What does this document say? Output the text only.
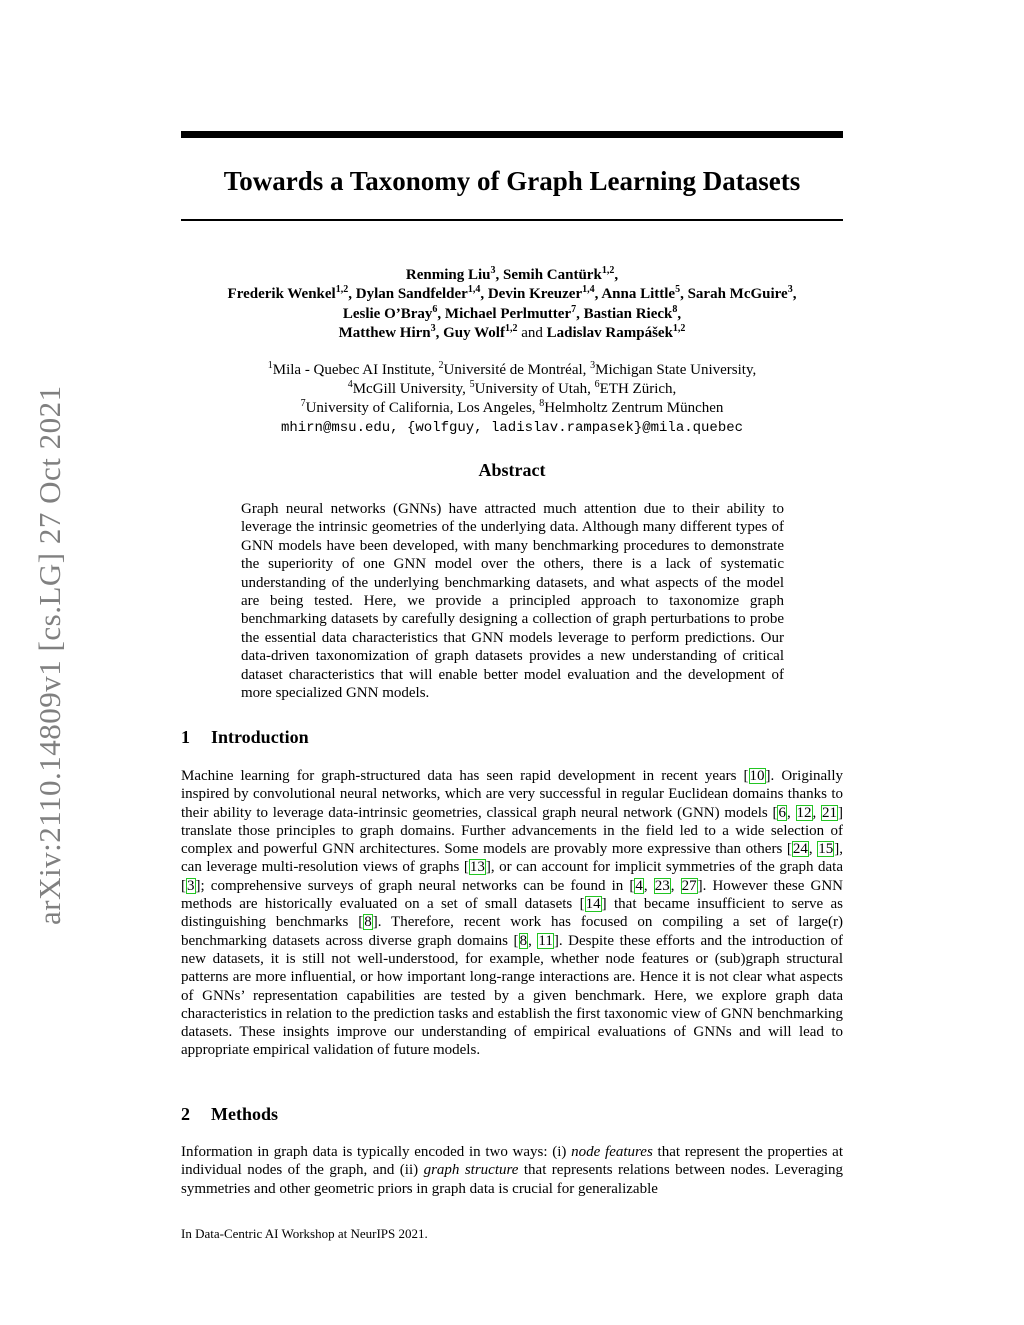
arXiv:2110.14809v1 [cs.LG] 27 Oct 2021
Towards a Taxonomy of Graph Learning Datasets

Renming Liu$^3$, Semih Cantürk$^{1,2}$,
Frederik Wenkel$^{1,2}$, Dylan Sandfelder$^{1,4}$, Devin Kreuzer$^{1,4}$, Anna Little$^5$, Sarah McGuire$^3$,
Leslie O’Bray$^6$, Michael Perlmutter$^7$, Bastian Rieck$^8$,
Matthew Hirn$^3$, Guy Wolf$^{1,2}$ and Ladislav Rampášek$^{1,2}$

$^1$Mila - Quebec AI Institute, $^2$Université de Montréal, $^3$Michigan State University,
$^4$McGill University, $^5$University of Utah, $^6$ETH Zürich,
$^7$University of California, Los Angeles, $^8$Helmholtz Zentrum München
mhirn@msu.edu, {wolfguy, ladislav.rampasek}@mila.quebec

Abstract

Graph neural networks (GNNs) have attracted much attention due to their ability to leverage the intrinsic geometries of the underlying data. Although many different types of GNN models have been developed, with many benchmarking procedures to demonstrate the superiority of one GNN model over the others, there is a lack of systematic understanding of the underlying benchmarking datasets, and what aspects of the model are being tested. Here, we provide a principled approach to taxonomize graph benchmarking datasets by carefully designing a collection of graph perturbations to probe the essential data characteristics that GNN models leverage to perform predictions. Our data-driven taxonomization of graph datasets provides a new understanding of critical dataset characteristics that will enable better model evaluation and the development of more specialized GNN models.

1 Introduction

Machine learning for graph-structured data has seen rapid development in recent years [10]. Originally inspired by convolutional neural networks, which are very successful in regular Euclidean domains thanks to their ability to leverage data-intrinsic geometries, classical graph neural network (GNN) models [6, 12, 21] translate those principles to graph domains. Further advancements in the field led to a wide selection of complex and powerful GNN architectures. Some models are provably more expressive than others [24, 15], can leverage multi-resolution views of graphs [13], or can account for implicit symmetries of the graph data [3]; comprehensive surveys of graph neural networks can be found in [4, 23, 27]. However these GNN methods are historically evaluated on a set of small datasets [14] that became insufficient to serve as distinguishing benchmarks [8]. Therefore, recent work has focused on compiling a set of large(r) benchmarking datasets across diverse graph domains [8, 11]. Despite these efforts and the introduction of new datasets, it is still not well-understood, for example, whether node features or (sub)graph structural patterns are more influential, or how important long-range interactions are. Hence it is not clear what aspects of GNNs’ representation capabilities are tested by a given benchmark. Here, we explore graph data characteristics in relation to the prediction tasks and establish the first taxonomic view of GNN benchmarking datasets. These insights improve our understanding of empirical evaluations of GNNs and will lead to appropriate empirical validation of future models.

2 Methods

Information in graph data is typically encoded in two ways: (i) node features that represent the properties at individual nodes of the graph, and (ii) graph structure that represents relations between nodes. Leveraging symmetries and other geometric priors in graph data is crucial for generalizable

In Data-Centric AI Workshop at NeurIPS 2021.
